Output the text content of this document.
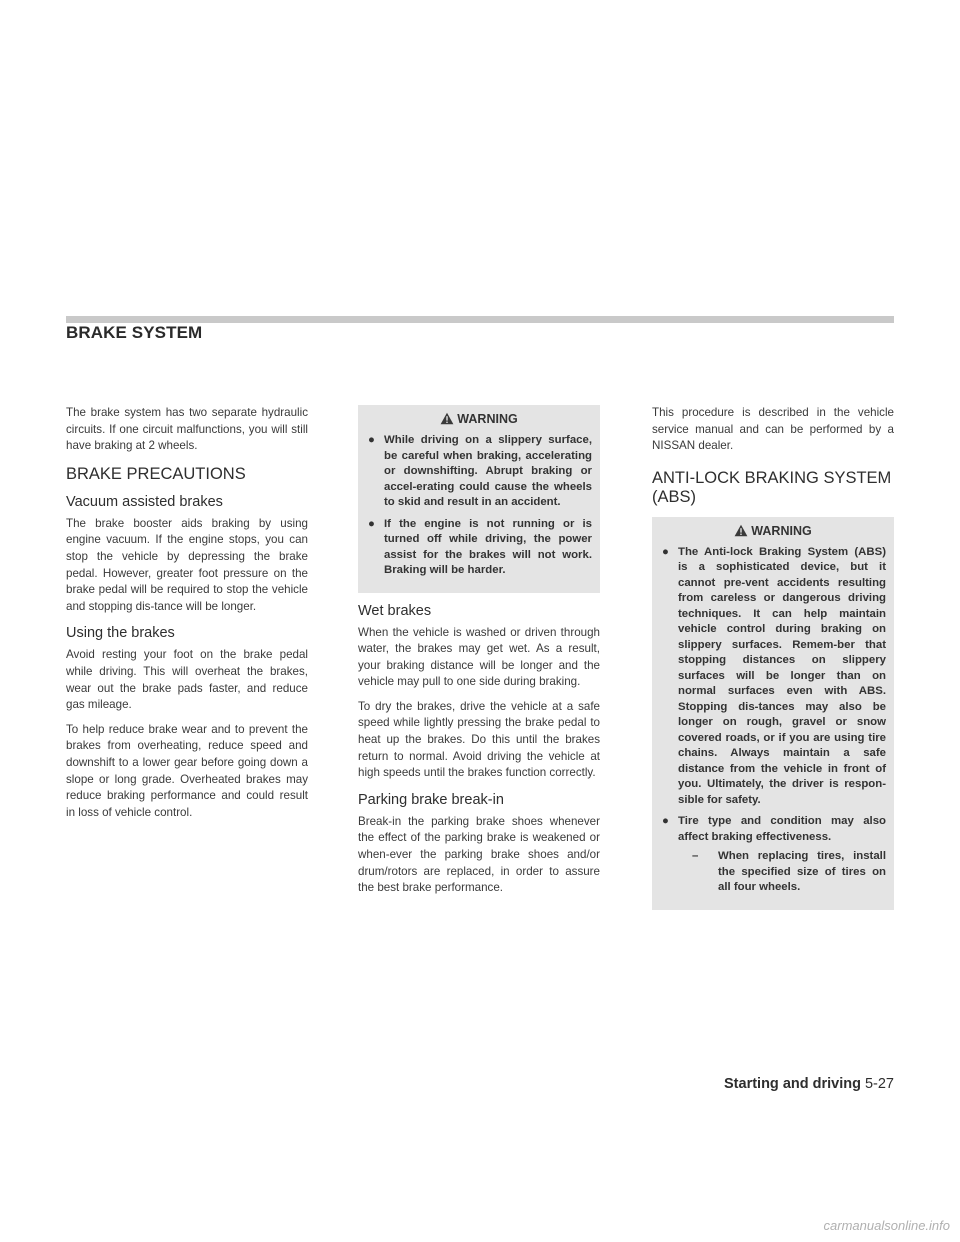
BRAKE SYSTEM

The brake system has two separate hydraulic circuits. If one circuit malfunctions, you will still have braking at 2 wheels.

BRAKE PRECAUTIONS
Vacuum assisted brakes

The brake booster aids braking by using engine vacuum. If the engine stops, you can stop the vehicle by depressing the brake pedal. However, greater foot pressure on the brake pedal will be required to stop the vehicle and stopping dis-tance will be longer.

Using the brakes

Avoid resting your foot on the brake pedal while driving. This will overheat the brakes, wear out the brake pads faster, and reduce gas mileage.

To help reduce brake wear and to prevent the brakes from overheating, reduce speed and downshift to a lower gear before going down a slope or long grade. Overheated brakes may reduce braking performance and could result in loss of vehicle control.

WARNING
● While driving on a slippery surface, be careful when braking, accelerating or downshifting. Abrupt braking or accel-erating could cause the wheels to skid and result in an accident.
● If the engine is not running or is turned off while driving, the power assist for the brakes will not work. Braking will be harder.
Wet brakes

When the vehicle is washed or driven through water, the brakes may get wet. As a result, your braking distance will be longer and the vehicle may pull to one side during braking.

To dry the brakes, drive the vehicle at a safe speed while lightly pressing the brake pedal to heat up the brakes. Do this until the brakes return to normal. Avoid driving the vehicle at high speeds until the brakes function correctly.

Parking brake break-in

Break-in the parking brake shoes whenever the effect of the parking brake is weakened or when-ever the parking brake shoes and/or drum/rotors are replaced, in order to assure the best brake performance.

This procedure is described in the vehicle service manual and can be performed by a NISSAN dealer.

ANTI-LOCK BRAKING SYSTEM
(ABS)
WARNING
● The Anti-lock Braking System (ABS) is a sophisticated device, but it cannot pre-vent accidents resulting from careless or dangerous driving techniques. It can help maintain vehicle control during braking on slippery surfaces. Remem-ber that stopping distances on slippery surfaces will be longer than on normal surfaces even with ABS. Stopping dis-tances may also be longer on rough, gravel or snow covered roads, or if you are using tire chains. Always maintain a safe distance from the vehicle in front of you. Ultimately, the driver is respon-sible for safety.
● Tire type and condition may also affect braking effectiveness.
– When replacing tires, install the specified size of tires on all four wheels.
Starting and driving 5-27
carmanualsonline.info
